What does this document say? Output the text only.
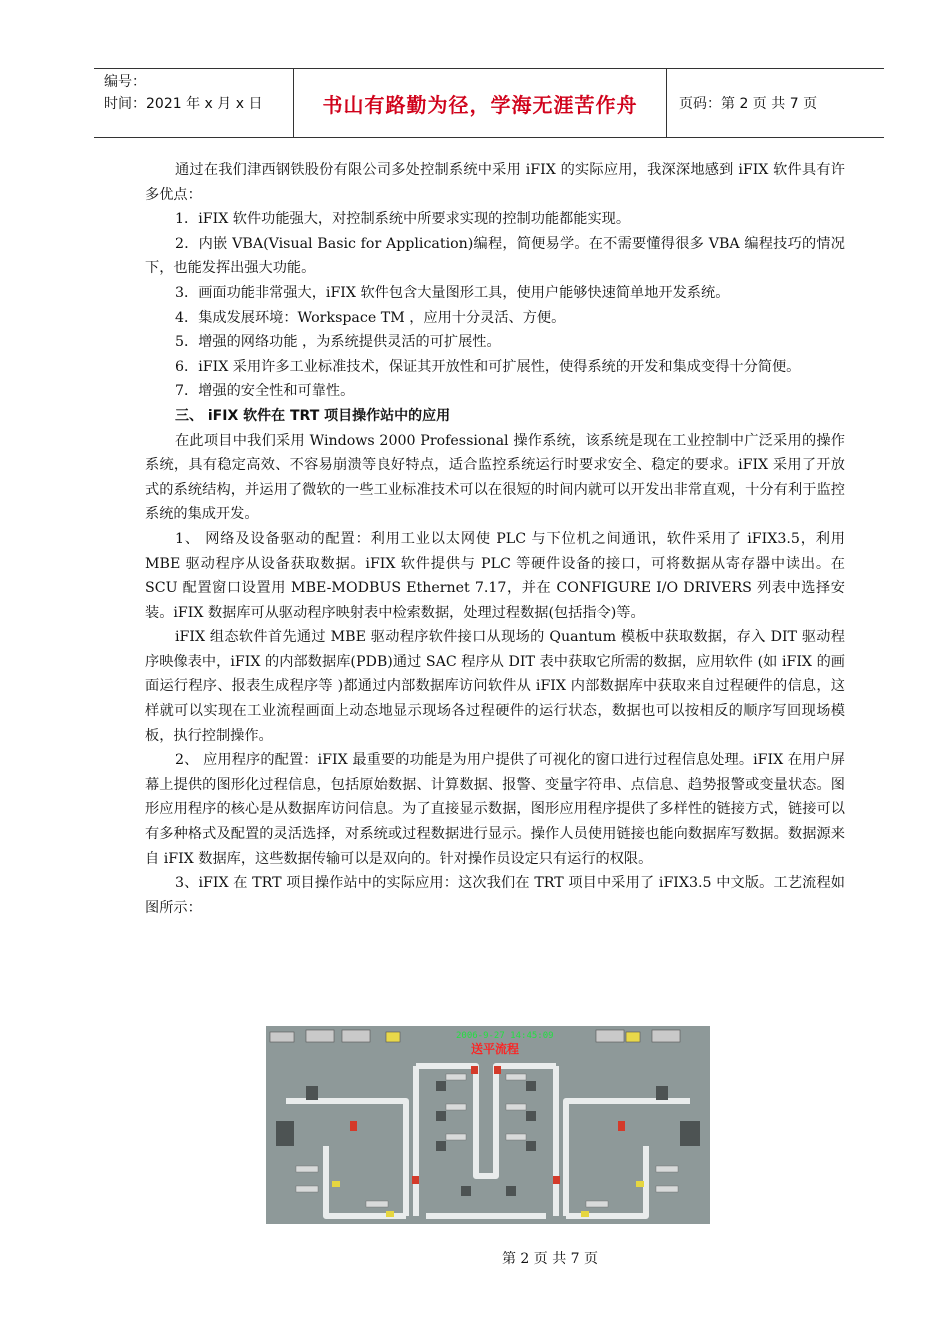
编号：
时间：2021 年 x 月 x 日	书山有路勤为径，学海无涯苦作舟	页码：第 2 页 共 7 页

通过在我们津西钢铁股份有限公司多处控制系统中采用 iFIX 的实际应用，我深深地感到 iFIX 软件具有许多优点：

1．iFIX 软件功能强大，对控制系统中所要求实现的控制功能都能实现。

2．内嵌 VBA(Visual Basic for Application)编程，简便易学。在不需要懂得很多 VBA 编程技巧的情况下，也能发挥出强大功能。

3．画面功能非常强大，iFIX 软件包含大量图形工具，使用户能够快速简单地开发系统。

4．集成发展环境：Workspace TM ，应用十分灵活、方便。

5．增强的网络功能 ，为系统提供灵活的可扩展性。

6．iFIX 采用许多工业标准技术，保证其开放性和可扩展性，使得系统的开发和集成变得十分简便。

7．增强的安全性和可靠性。

三、 iFIX 软件在 TRT 项目操作站中的应用

在此项目中我们采用 Windows 2000 Professional 操作系统，该系统是现在工业控制中广泛采用的操作系统，具有稳定高效、不容易崩溃等良好特点，适合监控系统运行时要求安全、稳定的要求。iFIX 采用了开放式的系统结构，并运用了微软的一些工业标准技术可以在很短的时间内就可以开发出非常直观，十分有利于监控系统的集成开发。

1、 网络及设备驱动的配置：利用工业以太网使 PLC 与下位机之间通讯，软件采用了 iFIX3.5，利用 MBE 驱动程序从设备获取数据。iFIX 软件提供与 PLC 等硬件设备的接口，可将数据从寄存器中读出。在 SCU 配置窗口设置用 MBE-MODBUS Ethernet 7.17，并在 CONFIGURE I/O DRIVERS 列表中选择安装。iFIX 数据库可从驱动程序映射表中检索数据，处理过程数据(包括指令)等。

iFIX 组态软件首先通过 MBE 驱动程序软件接口从现场的 Quantum 模板中获取数据，存入 DIT 驱动程序映像表中，iFIX 的内部数据库(PDB)通过 SAC 程序从 DIT 表中获取它所需的数据，应用软件 (如 iFIX 的画面运行程序、报表生成程序等 )都通过内部数据库访问软件从 iFIX 内部数据库中获取来自过程硬件的信息，这样就可以实现在工业流程画面上动态地显示现场各过程硬件的运行状态，数据也可以按相反的顺序写回现场模板，执行控制操作。

2、 应用程序的配置：iFIX 最重要的功能是为用户提供了可视化的窗口进行过程信息处理。iFIX 在用户屏幕上提供的图形化过程信息，包括原始数据、计算数据、报警、变量字符串、点信息、趋势报警或变量状态。图形应用程序的核心是从数据库访问信息。为了直接显示数据，图形应用程序提供了多样性的链接方式，链接可以有多种格式及配置的灵活选择，对系统或过程数据进行显示。操作人员使用链接也能向数据库写数据。数据源来自 iFIX 数据库，这些数据传输可以是双向的。针对操作员设定只有运行的权限。

3、iFIX 在 TRT 项目操作站中的实际应用：这次我们在 TRT 项目中采用了 iFIX3.5 中文版。工艺流程如图所示：

2006-9-27 14:45:09
送平流程
第 2 页 共 7 页
